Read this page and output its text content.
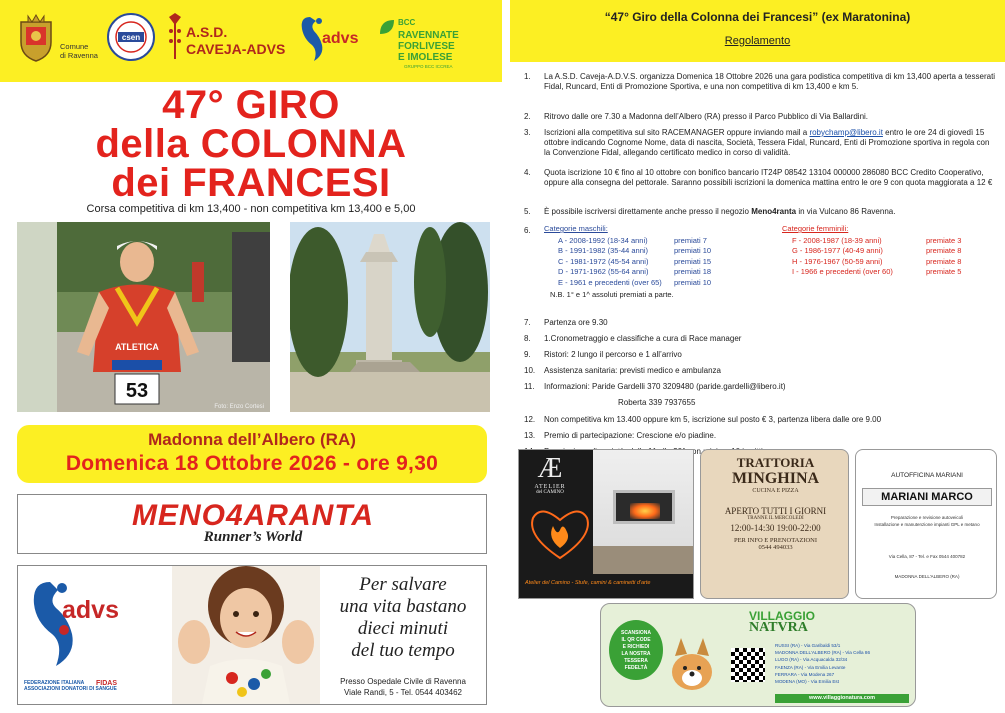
Comune
di Ravenna
csen	A.S.D.
CAVEJA-ADVS
advs
BCC
RAVENNATE
FORLIVESE
E IMOLESE
GRUPPO BCC ICCREA
47° GIRO
della COLONNA
dei FRANCESI
Corsa competitiva di km 13,400 - non competitiva km 13,400 e 5,00
53
ATLETICA
Foto: Enzo Cortesi
Madonna dell’Albero (RA)
Domenica 18 Ottobre 2026 - ore 9,30
MENO4ARANTA
Runner’s World
advs
FEDERAZIONE ITALIANA
ASSOCIAZIONI DONATORI DI SANGUE
FIDAS
Per salvare
una vita bastano
dieci minuti
del tuo tempo
Presso Ospedale Civile di Ravenna
Viale Randi, 5 - Tel. 0544 403462
“47° Giro della Colonna dei Francesi” (ex Maratonina)
Regolamento
1.	La A.S.D. Caveja-A.D.V.S. organizza Domenica 18 Ottobre 2026 una gara podistica competitiva di km 13,400 aperta a tesserati Fidal, Runcard, Enti di Promozione Sportiva, e una non competitiva di km 13,400 e km 5.
2.	Ritrovo dalle ore 7.30 a Madonna dell’Albero (RA) presso il Parco Pubblico di Via Ballardini.
3.	Iscrizioni alla competitiva sul sito RACEMANAGER oppure inviando mail a robychamp@libero.it entro le ore 24 di giovedì 15 ottobre indicando Cognome Nome, data di nascita, Società, Tessera Fidal, Runcard, Enti di Promozione sportiva in regola con la Convenzione Fidal, allegando certificato medico in corso di validità.
4.	Quota iscrizione 10 € fino al 10 ottobre con bonifico bancario IT24P 08542 13104 000000 286080 BCC Credito Cooperativo, oppure alla consegna del pettorale. Saranno possibili iscrizioni la domenica mattina entro le ore 9 con quota maggiorata a 12 €
5.	È possibile iscriversi direttamente anche presso il negozio Meno4ranta in via Vulcano 86 Ravenna.
6.	Categorie maschili:
A - 2008-1992 (18-34 anni)	premiati 7
B - 1991-1982 (35-44 anni)	premiati 10
C - 1981-1972 (45-54 anni)	premiati 15
D - 1971-1962 (55-64 anni)	premiati 18
E - 1961 e precedenti (over 65) premiati 10
N.B. 1° e 1^ assoluti premiati a parte.
Categorie femminili:
F - 2008-1987 (18-39 anni)	premiate 3
G - 1986-1977 (40-49 anni)	premiate 8
H - 1976-1967 (50-59 anni)	premiate 8
I - 1966 e precedenti (over 60)	premiate 5
7.	Partenza ore 9.30
8.	1.Cronometraggio e classifiche a cura di Race manager
9.	Ristori: 2 lungo il percorso e 1 all’arrivo
10.	Assistenza sanitaria: previsti medico e ambulanza
11.	Informazioni: Paride Gardelli 370 3209480 (paride.gardelli@libero.it)
Roberta 339 7937655
12.	Non competitiva km 13.400 oppure km 5, iscrizione sul posto € 3, partenza libera dalle ore 9.00
13.	Premio di partecipazione: Crescione e/o piadine.
con
Æ
ATELIER
del CAMINO
Atelier del Camino - Stufe, camini & caminetti d'arte
TRATTORIA
MINGHINA
CUCINA E PIZZA
APERTO TUTTI I GIORNI
TRANNE IL MERCOLEDÌ
12:00-14:30 19:00-22:00
PER INFO E PRENOTAZIONI
0544 494033
AUTOFFICINA MARIANI
MARIANI MARCO
Preparazione e revisione autoveicoli
Installazione e manutenzione impianti GPL e metano
Via Cella, 87 - Tel. e Fax 0544 400782
MADONNA DELL'ALBERO (RA)
SCANSIONA
IL QR CODE
E RICHIEDI
LA NOSTRA
TESSERA
FEDELTÀ
VILLAGGIO
NATVRA
RUSSI (RA) - Via Garibaldi 53/1
MADONNA DELL'ALBERO (RA) - Via Cella 86
LUGO (RA) - Via Acquacalda 32/34
FAENZA (RA) - Via Emilia Levante
FERRARA - Via Modena 267
MODENA (MO) - Via Emilia Est
www.villaggionatura.com
